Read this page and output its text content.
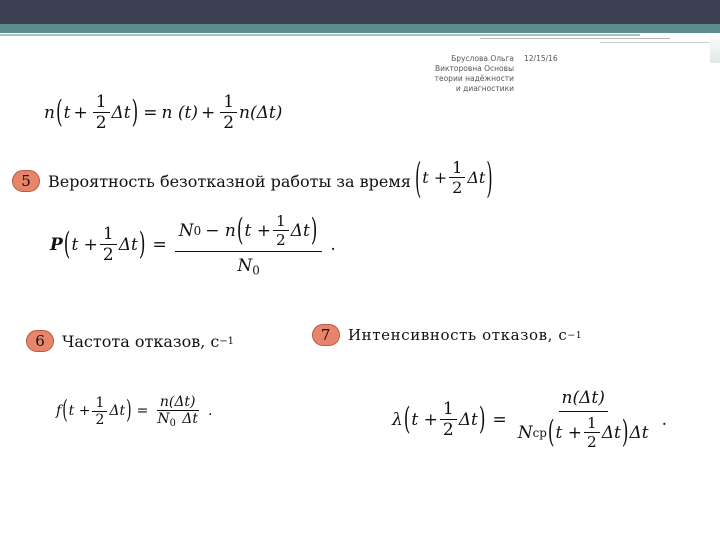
Бруслова Ольга
Викторовна Основы
теории надёжности
и диагностики
12/15/16
n ( $t + \frac{1}{2}$ Δt ) = n $(t) + \frac{1}{2} n(\Delta t)$
5	Вероятность безотказной работы за время ( $t + \frac{1}{2}$ Δt )
P ( $t + \frac{1}{2}$ Δt ) =
N 0 − n ( $t + \frac{1}{2}$ Δt )
$N_0$
.
6	Частота отказов, с −1	7	Интенсивность отказов, с −1
f ( $t + \frac{1}{2}$ Δt ) = $\frac{n(\Delta t)}{N_0 \Delta t}$ .	λ ( $t + \frac{1}{2}$ Δt ) =
n(Δt)
N ср ( $t + \frac{1}{2}$ Δt ) Δt
.
